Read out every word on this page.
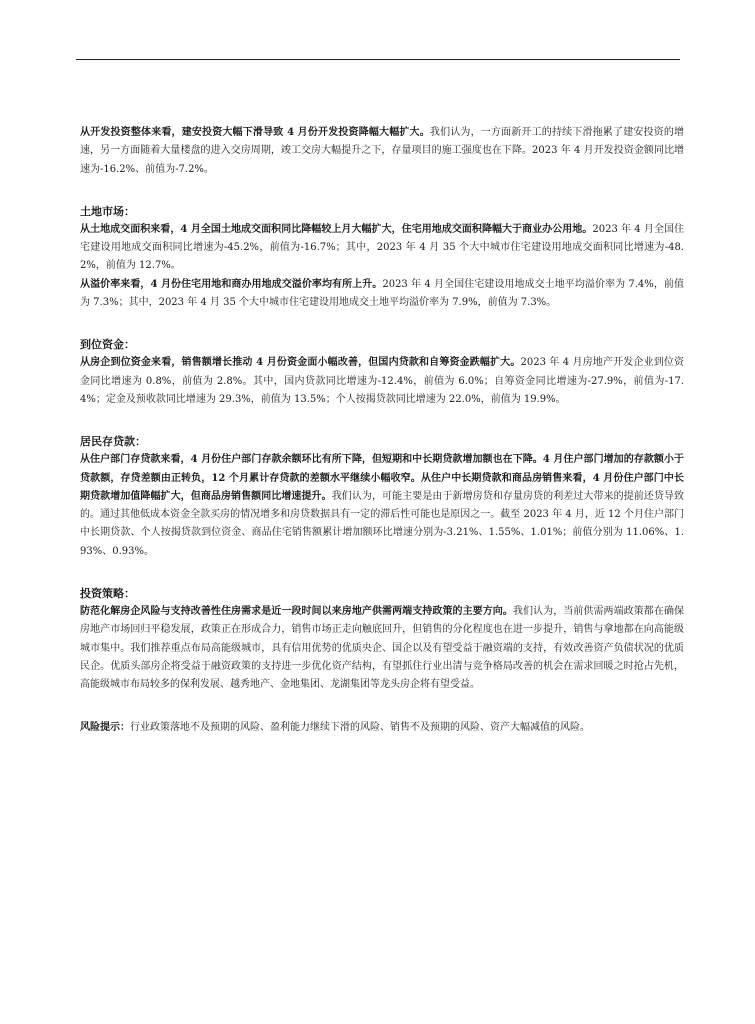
从开发投资整体来看，建安投资大幅下滑导致 4 月份开发投资降幅大幅扩大。我们认为，一方面新开工的持续下滑拖累了建安投资的增速，另一方面随着大量楼盘的进入交房周期，竣工交房大幅提升之下，存量项目的施工强度也在下降。2023 年 4 月开发投资金额同比增速为-16.2%、前值为-7.2%。

土地市场：

从土地成交面积来看，4 月全国土地成交面积同比降幅较上月大幅扩大，住宅用地成交面积降幅大于商业办公用地。2023 年 4 月全国住宅建设用地成交面积同比增速为-45.2%，前值为-16.7%；其中，2023 年 4 月 35 个大中城市住宅建设用地成交面积同比增速为-48.2%，前值为 12.7%。

从溢价率来看，4 月份住宅用地和商办用地成交溢价率均有所上升。2023 年 4 月全国住宅建设用地成交土地平均溢价率为 7.4%，前值为 7.3%；其中，2023 年 4 月 35 个大中城市住宅建设用地成交土地平均溢价率为 7.9%，前值为 7.3%。

到位资金：

从房企到位资金来看，销售额增长推动 4 月份资金面小幅改善，但国内贷款和自筹资金跌幅扩大。2023 年 4 月房地产开发企业到位资金同比增速为 0.8%，前值为 2.8%。其中，国内贷款同比增速为-12.4%，前值为 6.0%；自筹资金同比增速为-27.9%，前值为-17.4%；定金及预收款同比增速为 29.3%，前值为 13.5%；个人按揭贷款同比增速为 22.0%，前值为 19.9%。

居民存贷款：

从住户部门存贷款来看，4 月份住户部门存款余额环比有所下降，但短期和中长期贷款增加额也在下降。4 月住户部门增加的存款额小于贷款额，存贷差额由正转负，12 个月累计存贷款的差额水平继续小幅收窄。从住户中长期贷款和商品房销售来看，4 月份住户部门中长期贷款增加值降幅扩大，但商品房销售额同比增速提升。我们认为，可能主要是由于新增房贷和存量房贷的利差过大带来的提前还贷导致的。通过其他低成本资金全款买房的情况增多和房贷数据具有一定的滞后性可能也是原因之一。截至 2023 年 4 月，近 12 个月住户部门中长期贷款、个人按揭贷款到位资金、商品住宅销售额累计增加额环比增速分别为-3.21%、1.55%、1.01%；前值分别为 11.06%、1.93%、0.93%。

投资策略：

防范化解房企风险与支持改善性住房需求是近一段时间以来房地产供需两端支持政策的主要方向。我们认为，当前供需两端政策都在确保房地产市场回归平稳发展，政策正在形成合力，销售市场正走向触底回升，但销售的分化程度也在进一步提升，销售与拿地都在向高能级城市集中。我们推荐重点布局高能级城市，具有信用优势的优质央企、国企以及有望受益于融资端的支持，有效改善资产负债状况的优质民企。优质头部房企将受益于融资政策的支持进一步优化资产结构，有望抓住行业出清与竞争格局改善的机会在需求回暖之时抢占先机，高能级城市布局较多的保利发展、越秀地产、金地集团、龙湖集团等龙头房企将有望受益。

风险提示：行业政策落地不及预期的风险、盈利能力继续下滑的风险、销售不及预期的风险、资产大幅减值的风险。
